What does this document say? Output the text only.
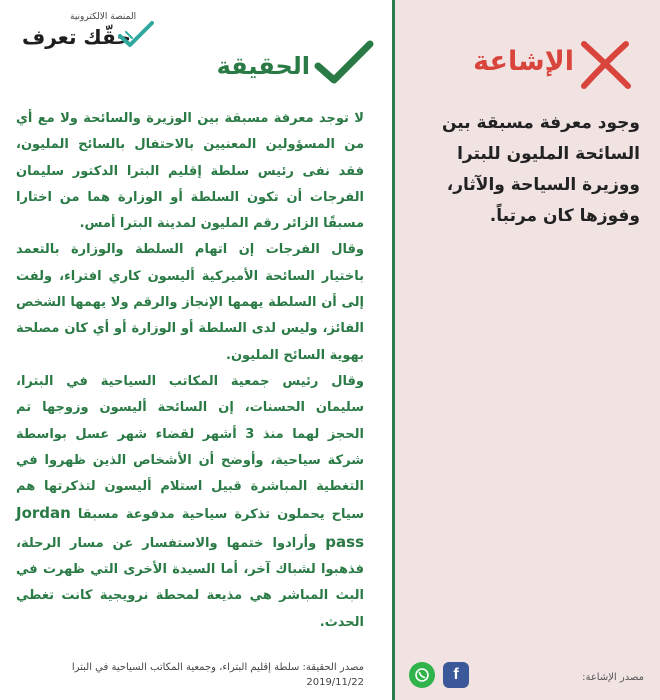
المنصة الالكترونية
حقّك تعرف
الحقيقة

لا توجد معرفة مسبقة بين الوزيرة والسائحة ولا مع أي من المسؤولين المعنيين بالاحتفال بالسائح المليون، فقد نفى رئيس سلطة إقليم البترا الدكتور سليمان الفرجات أن تكون السلطة أو الوزارة هما من اختارا مسبقًا الزائر رقم المليون لمدينة البترا أمس.

وقال الفرجات إن اتهام السلطة والوزارة بالتعمد باختيار السائحة الأميركية أليسون كاري افتراء، ولفت إلى أن السلطة يهمها الإنجاز والرقم ولا يهمها الشخص الفائز، وليس لدى السلطة أو الوزارة أو أي كان مصلحة بهوية السائح المليون.

وقال رئيس جمعية المكاتب السياحية في البترا، سليمان الحسنات، إن السائحة أليسون وزوجها تم الحجز لهما منذ 3 أشهر لقضاء شهر عسل بواسطة شركة سياحية، وأوضح أن الأشخاص الذين ظهروا في التغطية المباشرة قبيل استلام أليسون لتذكرتها هم سياح يحملون تذكرة سياحية مدفوعة مسبقا Jordan pass وأرادوا ختمها والاستفسار عن مسار الرحلة، فذهبوا لشباك آخر، أما السيدة الأخرى التي ظهرت في البث المباشر هي مذيعة لمحطة نرويجية كانت تغطي الحدث.

مصدر الحقيقة: سلطة إقليم البتراء، وجمعية المكاتب السياحية في البترا
2019/11/22
الإشاعة
وجود معرفة مسبقة بين السائحة المليون للبترا ووزيرة السياحة والآثار، وفوزها كان مرتباً.
مصدر الإشاعة:
f
